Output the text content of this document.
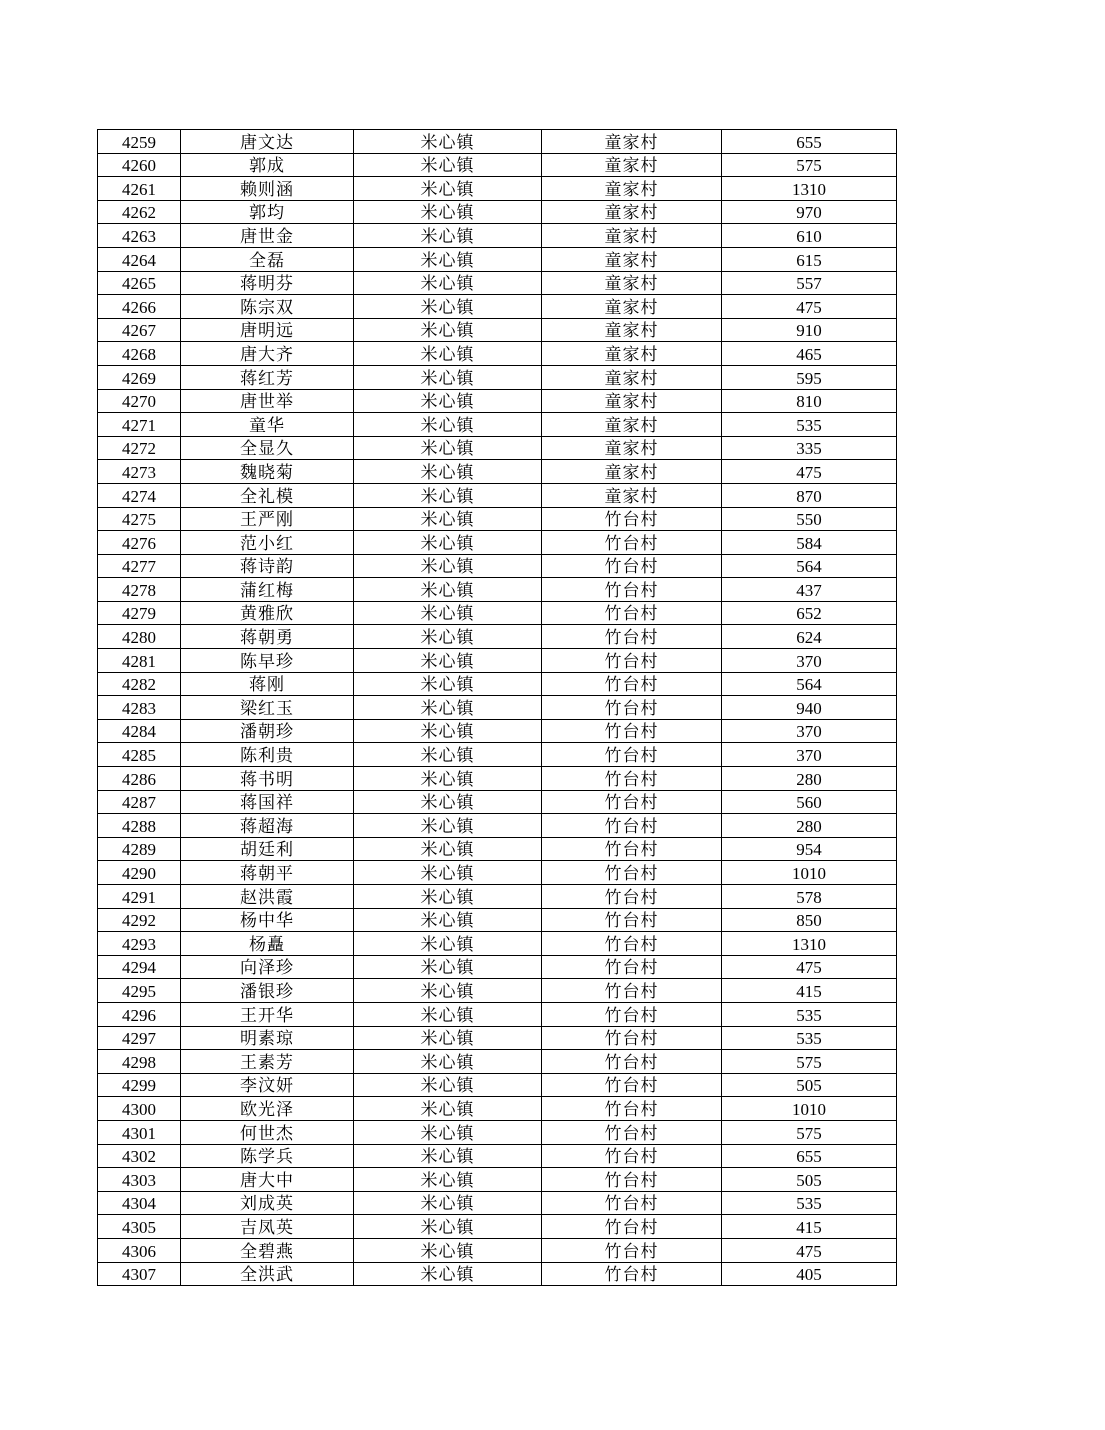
4259	唐文达	米心镇	童家村	655
4260	郭成	米心镇	童家村	575
4261	赖则涵	米心镇	童家村	1310
4262	郭均	米心镇	童家村	970
4263	唐世金	米心镇	童家村	610
4264	全磊	米心镇	童家村	615
4265	蒋明芬	米心镇	童家村	557
4266	陈宗双	米心镇	童家村	475
4267	唐明远	米心镇	童家村	910
4268	唐大齐	米心镇	童家村	465
4269	蒋红芳	米心镇	童家村	595
4270	唐世举	米心镇	童家村	810
4271	童华	米心镇	童家村	535
4272	全显久	米心镇	童家村	335
4273	魏晓菊	米心镇	童家村	475
4274	全礼模	米心镇	童家村	870
4275	王严刚	米心镇	竹台村	550
4276	范小红	米心镇	竹台村	584
4277	蒋诗韵	米心镇	竹台村	564
4278	蒲红梅	米心镇	竹台村	437
4279	黄雅欣	米心镇	竹台村	652
4280	蒋朝勇	米心镇	竹台村	624
4281	陈早珍	米心镇	竹台村	370
4282	蒋刚	米心镇	竹台村	564
4283	梁红玉	米心镇	竹台村	940
4284	潘朝珍	米心镇	竹台村	370
4285	陈利贵	米心镇	竹台村	370
4286	蒋书明	米心镇	竹台村	280
4287	蒋国祥	米心镇	竹台村	560
4288	蒋超海	米心镇	竹台村	280
4289	胡廷利	米心镇	竹台村	954
4290	蒋朝平	米心镇	竹台村	1010
4291	赵洪霞	米心镇	竹台村	578
4292	杨中华	米心镇	竹台村	850
4293	杨矗	米心镇	竹台村	1310
4294	向泽珍	米心镇	竹台村	475
4295	潘银珍	米心镇	竹台村	415
4296	王开华	米心镇	竹台村	535
4297	明素琼	米心镇	竹台村	535
4298	王素芳	米心镇	竹台村	575
4299	李汶妍	米心镇	竹台村	505
4300	欧光泽	米心镇	竹台村	1010
4301	何世杰	米心镇	竹台村	575
4302	陈学兵	米心镇	竹台村	655
4303	唐大中	米心镇	竹台村	505
4304	刘成英	米心镇	竹台村	535
4305	吉凤英	米心镇	竹台村	415
4306	全碧燕	米心镇	竹台村	475
4307	全洪武	米心镇	竹台村	405
